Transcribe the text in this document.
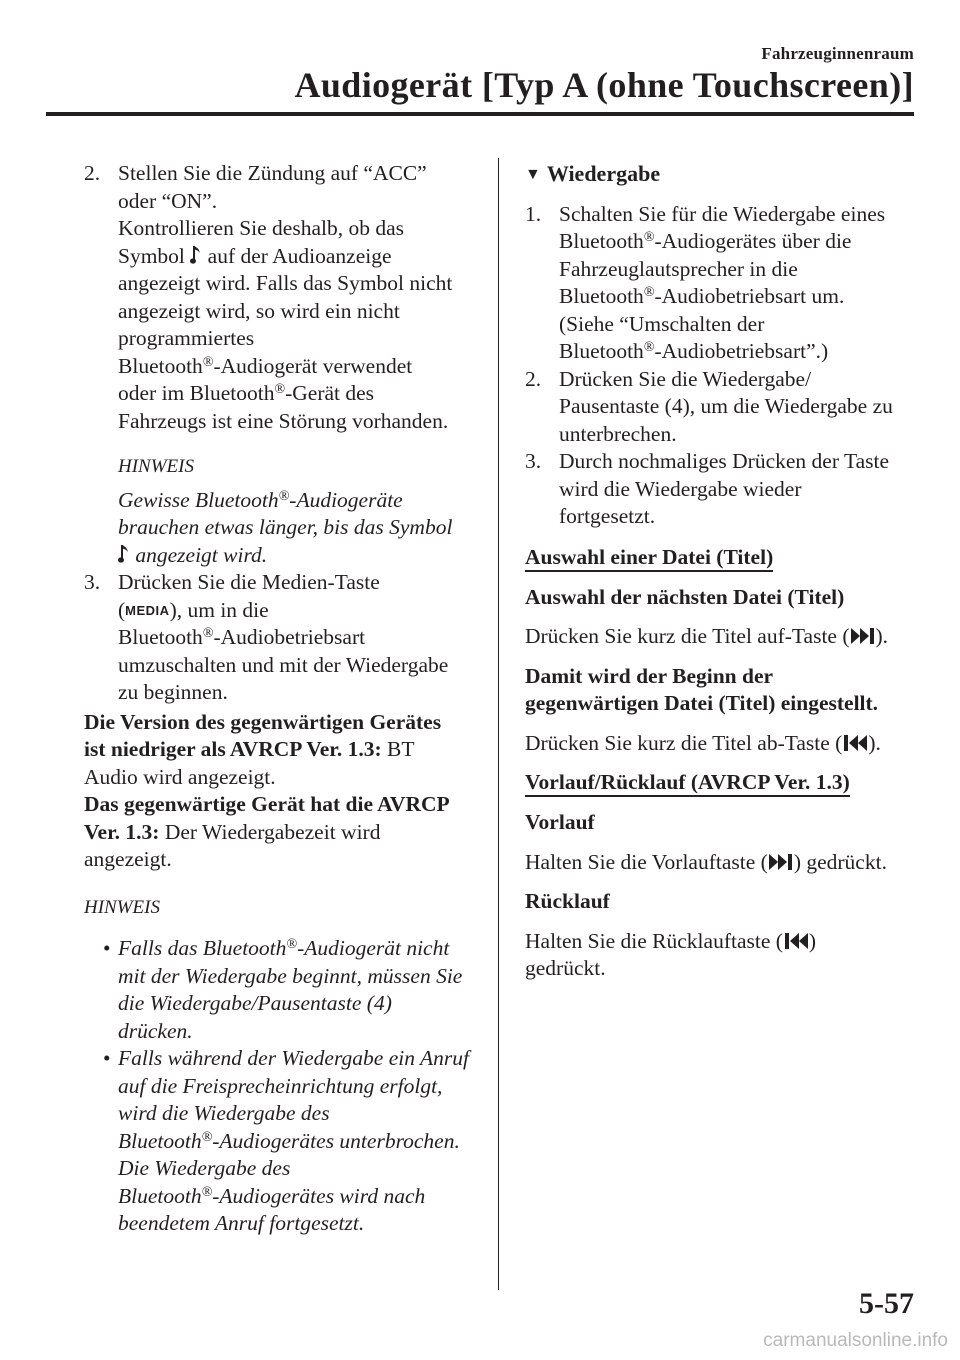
Fahrzeuginnenraum
Audiogerät [Typ A (ohne Touchscreen)]
2. Stellen Sie die Zündung auf “ACC”
oder “ON”.
Kontrollieren Sie deshalb, ob das
Symbol auf der Audioanzeige
angezeigt wird. Falls das Symbol nicht
angezeigt wird, so wird ein nicht
programmiertes
Bluetooth®-Audiogerät verwendet
oder im Bluetooth®-Gerät des
Fahrzeugs ist eine Störung vorhanden.
HINWEIS
Gewisse Bluetooth®-Audiogeräte
brauchen etwas länger, bis das Symbol
angezeigt wird.
3. Drücken Sie die Medien-Taste
(MEDIA), um in die
Bluetooth®-Audiobetriebsart
umzuschalten und mit der Wiedergabe
zu beginnen.
Die Version des gegenwärtigen Gerätes
ist niedriger als AVRCP Ver. 1.3: BT
Audio wird angezeigt.
Das gegenwärtige Gerät hat die AVRCP
Ver. 1.3: Der Wiedergabezeit wird
angezeigt.
HINWEIS
• Falls das Bluetooth®-Audiogerät nicht
mit der Wiedergabe beginnt, müssen Sie
die Wiedergabe/Pausentaste (4)
drücken.
• Falls während der Wiedergabe ein Anruf
auf die Freisprecheinrichtung erfolgt,
wird die Wiedergabe des
Bluetooth®-Audiogerätes unterbrochen.
Die Wiedergabe des
Bluetooth®-Audiogerätes wird nach
beendetem Anruf fortgesetzt.
▼ Wiedergabe
1. Schalten Sie für die Wiedergabe eines
Bluetooth®-Audiogerätes über die
Fahrzeuglautsprecher in die
Bluetooth®-Audiobetriebsart um.
(Siehe “Umschalten der
Bluetooth®-Audiobetriebsart”.)
2. Drücken Sie die Wiedergabe/
Pausentaste (4), um die Wiedergabe zu
unterbrechen.
3. Durch nochmaliges Drücken der Taste
wird die Wiedergabe wieder
fortgesetzt.
Auswahl einer Datei (Titel)
Auswahl der nächsten Datei (Titel)
Drücken Sie kurz die Titel auf-Taste ( ).
Damit wird der Beginn der
gegenwärtigen Datei (Titel) eingestellt.
Drücken Sie kurz die Titel ab-Taste ( ).
Vorlauf/Rücklauf (AVRCP Ver. 1.3)
Vorlauf
Halten Sie die Vorlauftaste ( ) gedrückt.
Rücklauf
Halten Sie die Rücklauftaste ( )
gedrückt.
5-57
carmanualsonline.info
